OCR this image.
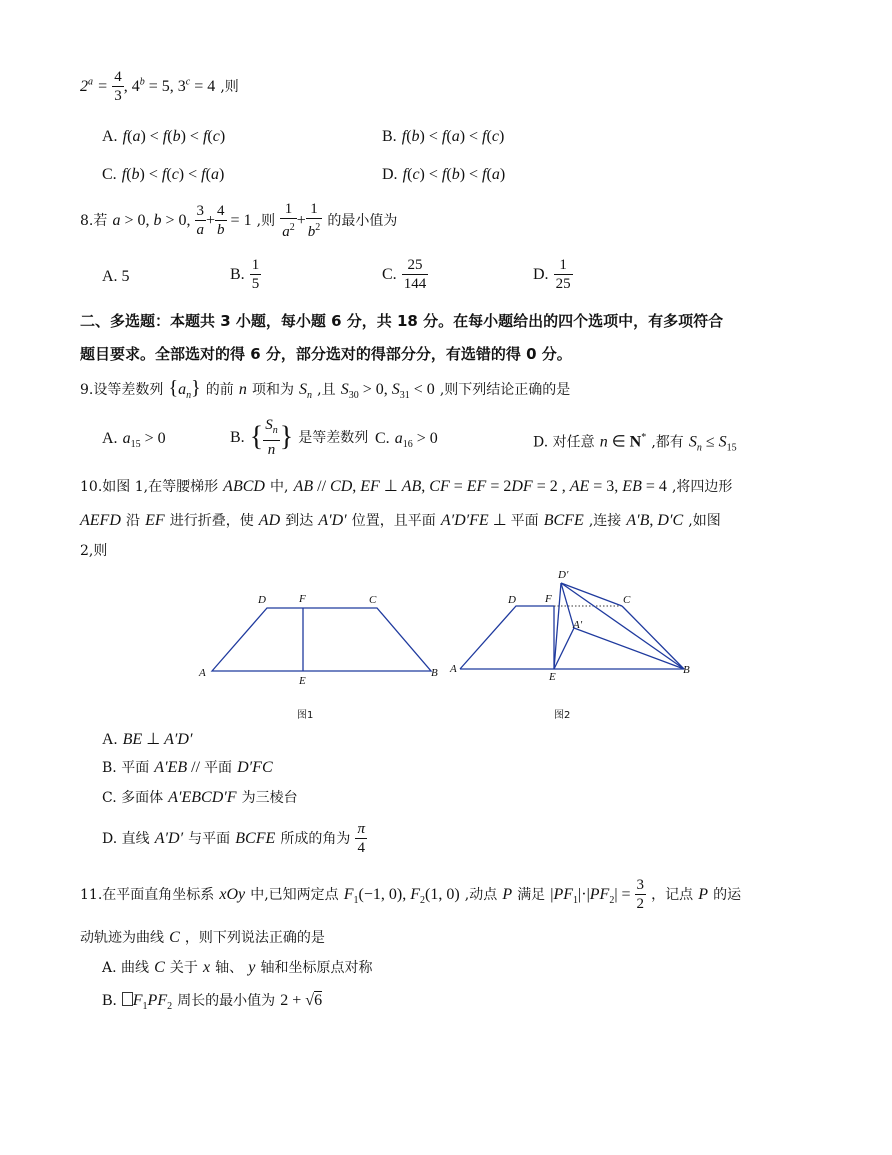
$2^a = \frac{4}{3}$ , $4^b = 5$, $3^c = 4$ ,则
A. f(a) < f(b) < f(c)	B. f(b) < f(a) < f(c)
C. f(b) < f(c) < f(a)	D. f(c) < f(b) < f(a)
8.若 a > 0, b > 0, $\frac{3}{a} + \frac{4}{b} = 1$ ,则 $\frac{1}{a^2} + \frac{1}{b^2}$ 的最小值为
A. 5	B. $\frac{1}{5}$	C. $\frac{25}{144}$	D. $\frac{1}{25}$
二、多选题：本题共 3 小题，每小题 6 分，共 18 分。在每小题给出的四个选项中，有多项符合
题目要求。全部选对的得 6 分，部分选对的得部分分，有选错的得 0 分。
9.设等差数列 $\{a_n\}$ 的前 n 项和为 $S_n$ ,且 $S_{30} > 0$, $S_{31} < 0$ ,则下列结论正确的是
A. $a_{15} > 0$	B. { $\frac{S_n}{n}$ } 是等差数列 C. $a_{16} > 0$	D. 对任意 n ∈ N* ,都有 $S_n \le S_{15}$
10.如图 1,在等腰梯形 ABCD 中, AB // CD, EF ⊥ AB, CF = EF = 2DF = 2 , AE = 3, EB = 4 ,将四边形
AEFD 沿 EF 进行折叠，使 AD 到达 A′D′ 位置，且平面 A′D′FE ⊥ 平面 BCFE ,连接 A′B, D′C ,如图
2,则
D	F	C
A
E
B
图1
D′
D	F	C
A′
A
E
B
图2
A. BE ⊥ A′D′
B. 平面 A′EB // 平面 D′FC
C. 多面体 A′EBCD′F 为三棱台
D. 直线 A′D′ 与平面 BCFE 所成的角为 $\frac{\pi}{4}$
11.在平面直角坐标系 xOy 中,已知两定点 $F_1(-1$, 0), $F_2(1$, 0) ,动点 P 满足 $|PF_1|\cdot|PF_2| = \frac{3}{2}$ ，记点 P 的运
动轨迹为曲线 C ，则下列说法正确的是
A. 曲线 C 关于 x 轴、 y 轴和坐标原点对称
B. $F_1PF_2$ 周长的最小值为 2 + √6
